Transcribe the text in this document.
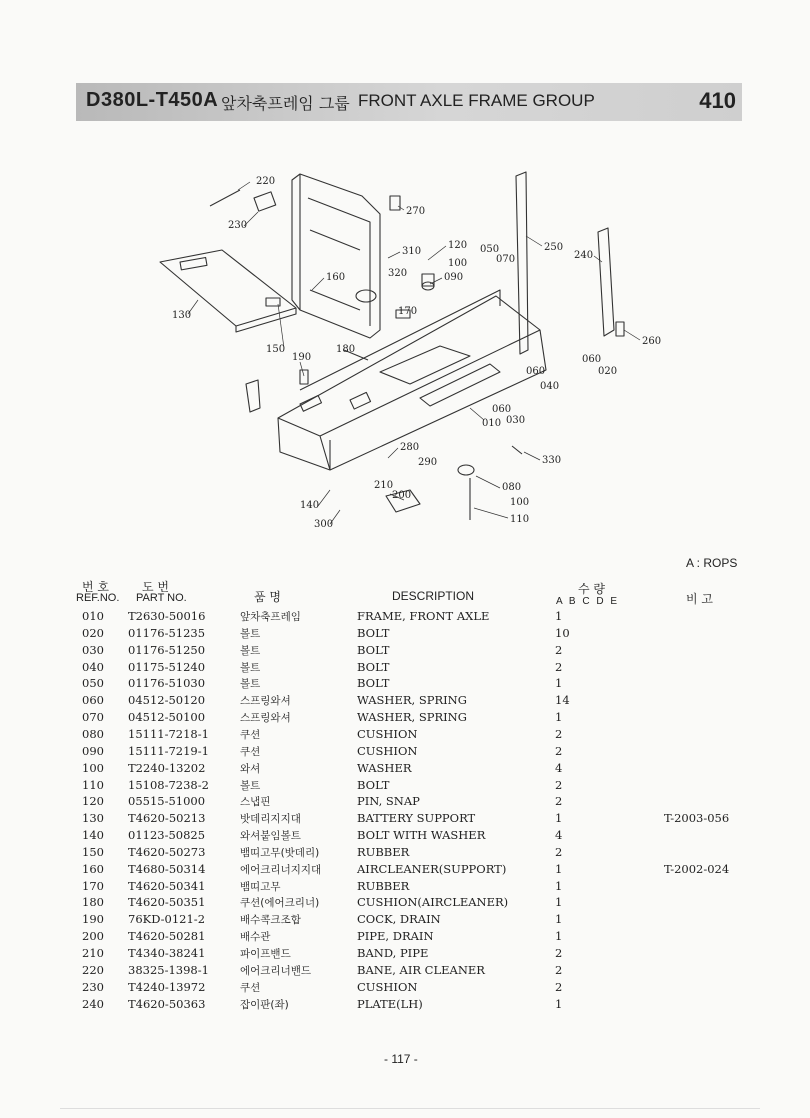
D380L-T450A 앞차축프레임 그룹 FRONT AXLE FRAME GROUP	410
220
230
270
310
320
120
100
090
050
070
250
240
130
160
170
150
190
180
060
020
060
040
260
060
010 030
280
290	330
080
100
110
210
200
140
300
A : ROPS
번 호
REF.NO.
도 번
PART NO.	품 명	DESCRIPTION	수 량
A B C D E	비 고
010 T2630-50016	앞차축프레임	FRAME, FRONT AXLE	1
020 01176-51235	볼트	BOLT	10
030 01176-51250	볼트	BOLT	2
040 01175-51240	볼트	BOLT	2
050 01176-51030	볼트	BOLT	1
060 04512-50120	스프링와셔	WASHER, SPRING	14
070 04512-50100	스프링와셔	WASHER, SPRING	1
080 15111-7218-1	쿠션	CUSHION	2
090 15111-7219-1	쿠션	CUSHION	2
100 T2240-13202	와셔	WASHER	4
110 15108-7238-2	볼트	BOLT	2
120 05515-51000	스냅핀	PIN, SNAP	2
130 T4620-50213	밧데리지지대	BATTERY SUPPORT	1	T-2003-056
140 01123-50825	와셔붙임볼트	BOLT WITH WASHER	4
150 T4620-50273	뱀띠고무(밧데리)	RUBBER	2
160 T4680-50314	에어크리너지지대	AIRCLEANER(SUPPORT)	1	T-2002-024
170 T4620-50341	뱀띠고무	RUBBER	1
180 T4620-50351	쿠션(에어크리너)	CUSHION(AIRCLEANER)	1
190 76KD-0121-2	배수콕크조합	COCK, DRAIN	1
200 T4620-50281	배수관	PIPE, DRAIN	1
210 T4340-38241	파이프밴드	BAND, PIPE	2
220 38325-1398-1	에어크리너밴드	BANE, AIR CLEANER	2
230 T4240-13972	쿠션	CUSHION	2
240 T4620-50363	잡이판(좌)	PLATE(LH)	1
- 117 -
